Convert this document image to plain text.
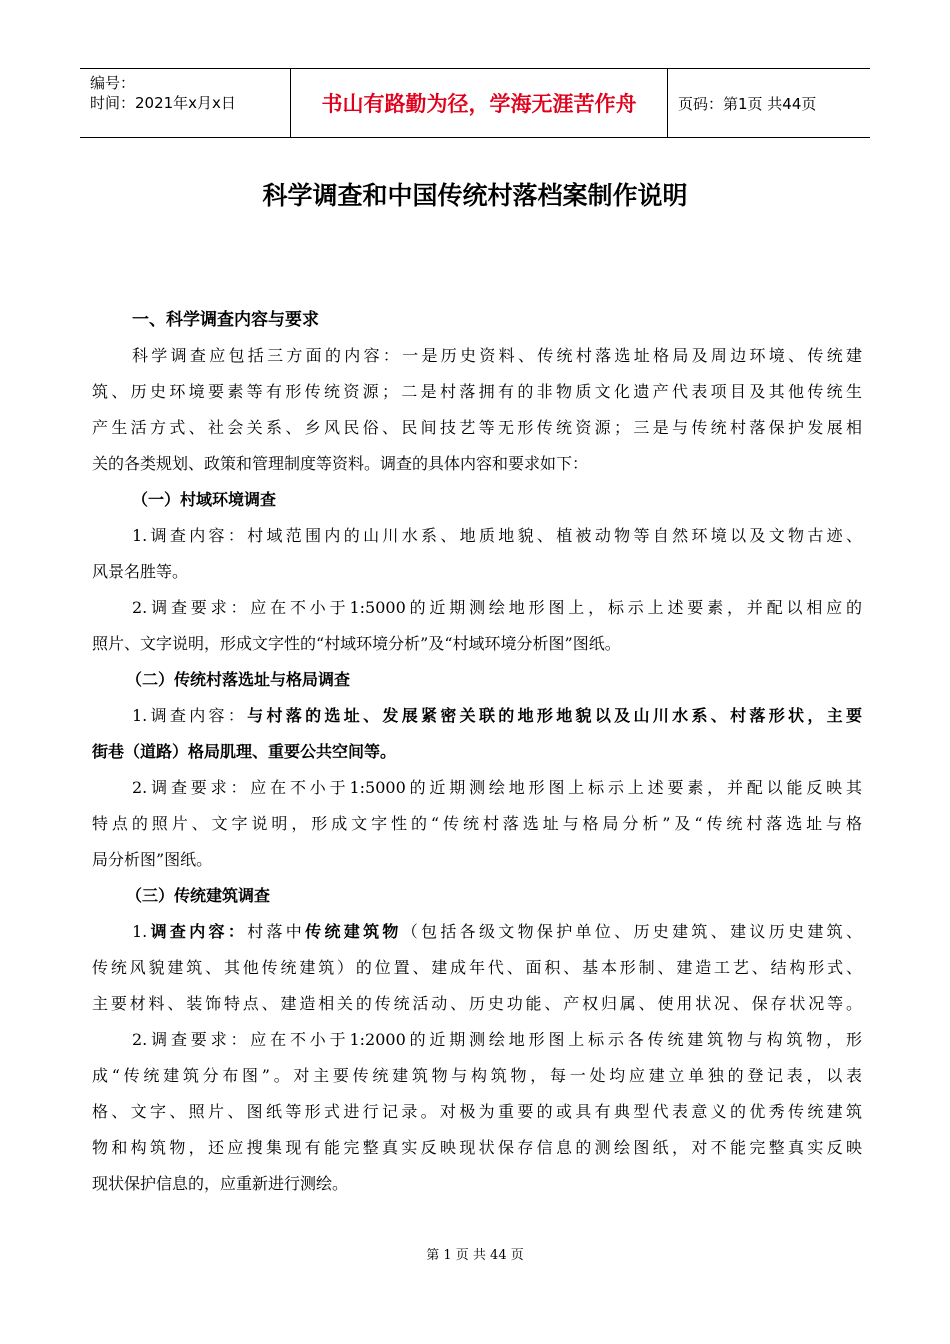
编号：
时间：2021年x月x日	书山有路勤为径，学海无涯苦作舟	页码：第1页 共44页
科学调查和中国传统村落档案制作说明
一、科学调查内容与要求
科学调查应包括三方面的内容：一是历史资料、传统村落选址格局及周边环境、传统建
筑、历史环境要素等有形传统资源；二是村落拥有的非物质文化遗产代表项目及其他传统生
产生活方式、社会关系、乡风民俗、民间技艺等无形传统资源；三是与传统村落保护发展相
关的各类规划、政策和管理制度等资料。调查的具体内容和要求如下：
（一）村域环境调查
1.调查内容：村域范围内的山川水系、地质地貌、植被动物等自然环境以及文物古迹、
风景名胜等。
2.调查要求：应在不小于1:5000的近期测绘地形图上，标示上述要素，并配以相应的
照片、文字说明，形成文字性的“村域环境分析”及“村域环境分析图”图纸。
（二）传统村落选址与格局调查
1.调查内容：与村落的选址、发展紧密关联的地形地貌以及山川水系、村落形状，主要
街巷（道路）格局肌理、重要公共空间等。
2.调查要求：应在不小于1:5000的近期测绘地形图上标示上述要素，并配以能反映其
特点的照片、文字说明，形成文字性的“传统村落选址与格局分析”及“传统村落选址与格
局分析图”图纸。
（三）传统建筑调查
1.调查内容：村落中传统建筑物（包括各级文物保护单位、历史建筑、建议历史建筑、
传统风貌建筑、其他传统建筑）的位置、建成年代、面积、基本形制、建造工艺、结构形式、
主要材料、装饰特点、建造相关的传统活动、历史功能、产权归属、使用状况、保存状况等。
2.调查要求：应在不小于1:2000的近期测绘地形图上标示各传统建筑物与构筑物，形
成“传统建筑分布图”。对主要传统建筑物与构筑物，每一处均应建立单独的登记表，以表
格、文字、照片、图纸等形式进行记录。对极为重要的或具有典型代表意义的优秀传统建筑
物和构筑物，还应搜集现有能完整真实反映现状保存信息的测绘图纸，对不能完整真实反映
现状保护信息的，应重新进行测绘。
第 1 页 共 44 页
